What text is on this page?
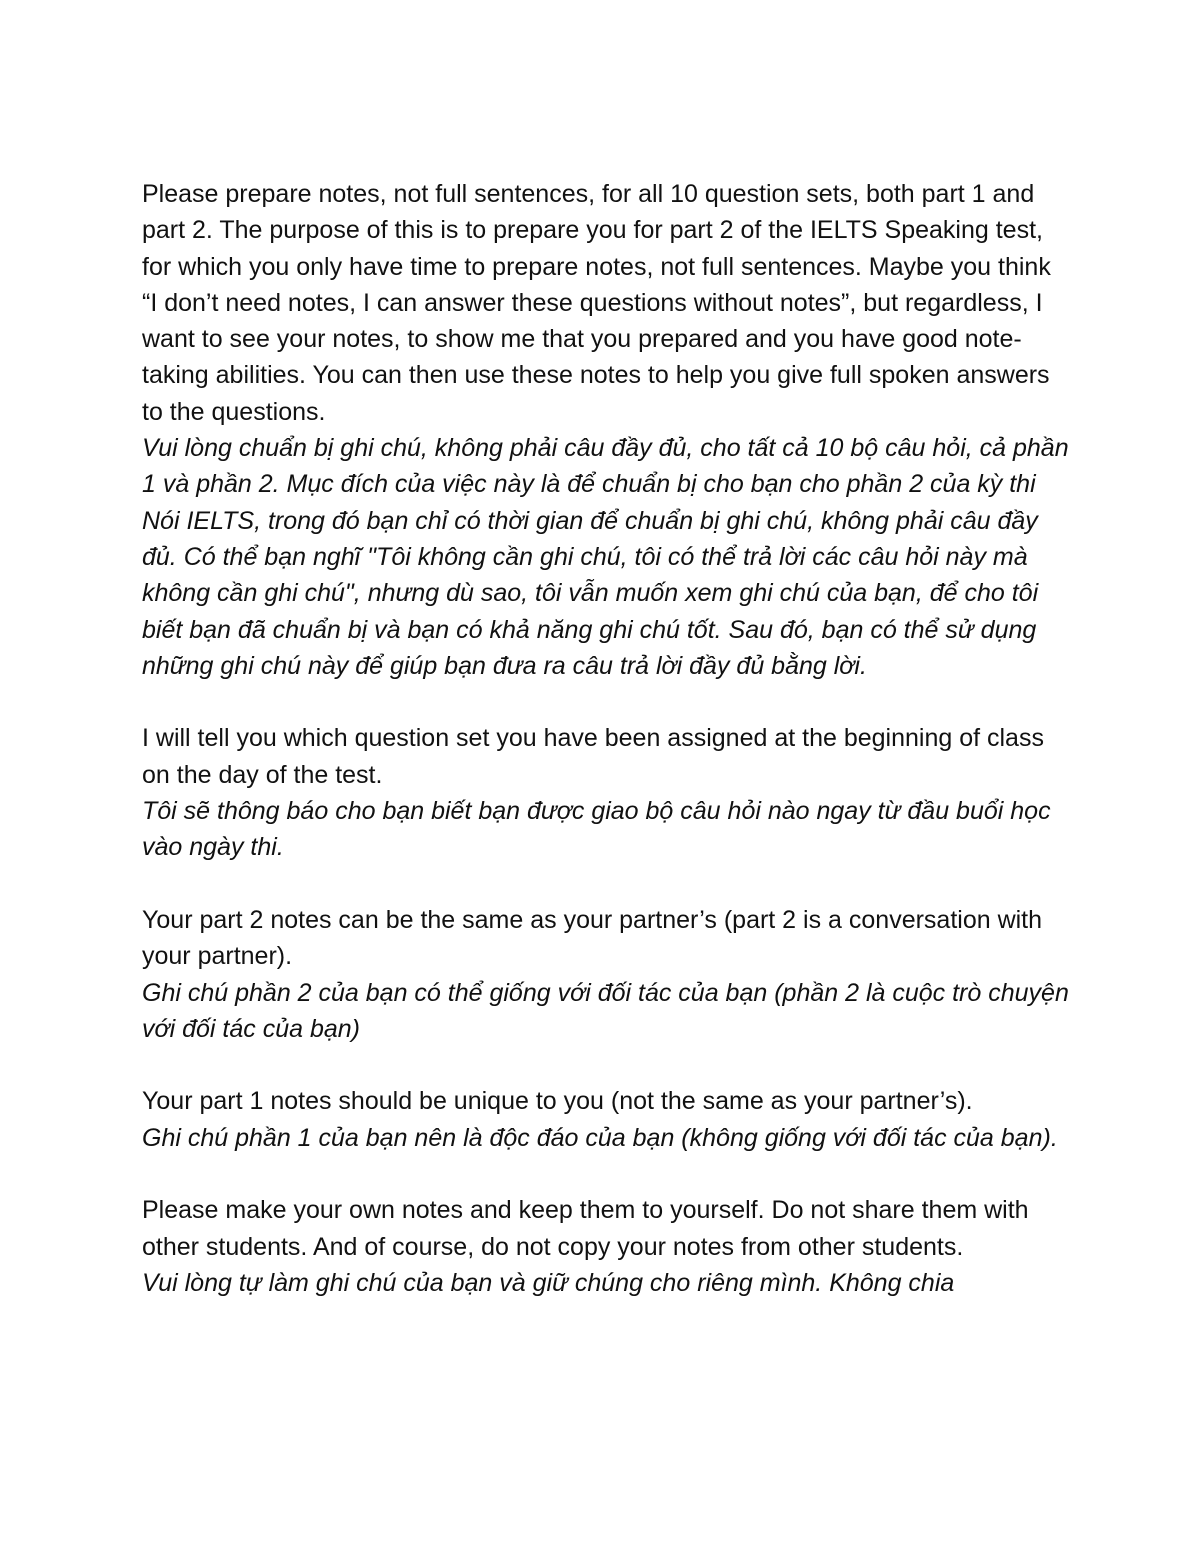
Please prepare notes, not full sentences, for all 10 question sets, both part 1 and part 2. The purpose of this is to prepare you for part 2 of the IELTS Speaking test, for which you only have time to prepare notes, not full sentences. Maybe you think “I don’t need notes, I can answer these questions without notes”, but regardless, I want to see your notes, to show me that you prepared and you have good note-taking abilities. You can then use these notes to help you give full spoken answers to the questions.

Vui lòng chuẩn bị ghi chú, không phải câu đầy đủ, cho tất cả 10 bộ câu hỏi, cả phần 1 và phần 2. Mục đích của việc này là để chuẩn bị cho bạn cho phần 2 của kỳ thi Nói IELTS, trong đó bạn chỉ có thời gian để chuẩn bị ghi chú, không phải câu đầy đủ. Có thể bạn nghĩ "Tôi không cần ghi chú, tôi có thể trả lời các câu hỏi này mà không cần ghi chú", nhưng dù sao, tôi vẫn muốn xem ghi chú của bạn, để cho tôi biết bạn đã chuẩn bị và bạn có khả năng ghi chú tốt. Sau đó, bạn có thể sử dụng những ghi chú này để giúp bạn đưa ra câu trả lời đầy đủ bằng lời.

I will tell you which question set you have been assigned at the beginning of class on the day of the test.

Tôi sẽ thông báo cho bạn biết bạn được giao bộ câu hỏi nào ngay từ đầu buổi học vào ngày thi.

Your part 2 notes can be the same as your partner’s (part 2 is a conversation with your partner).

Ghi chú phần 2 của bạn có thể giống với đối tác của bạn (phần 2 là cuộc trò chuyện với đối tác của bạn)

Your part 1 notes should be unique to you (not the same as your partner’s).

Ghi chú phần 1 của bạn nên là độc đáo của bạn (không giống với đối tác của bạn).

Please make your own notes and keep them to yourself. Do not share them with other students. And of course, do not copy your notes from other students.

Vui lòng tự làm ghi chú của bạn và giữ chúng cho riêng mình. Không chia
